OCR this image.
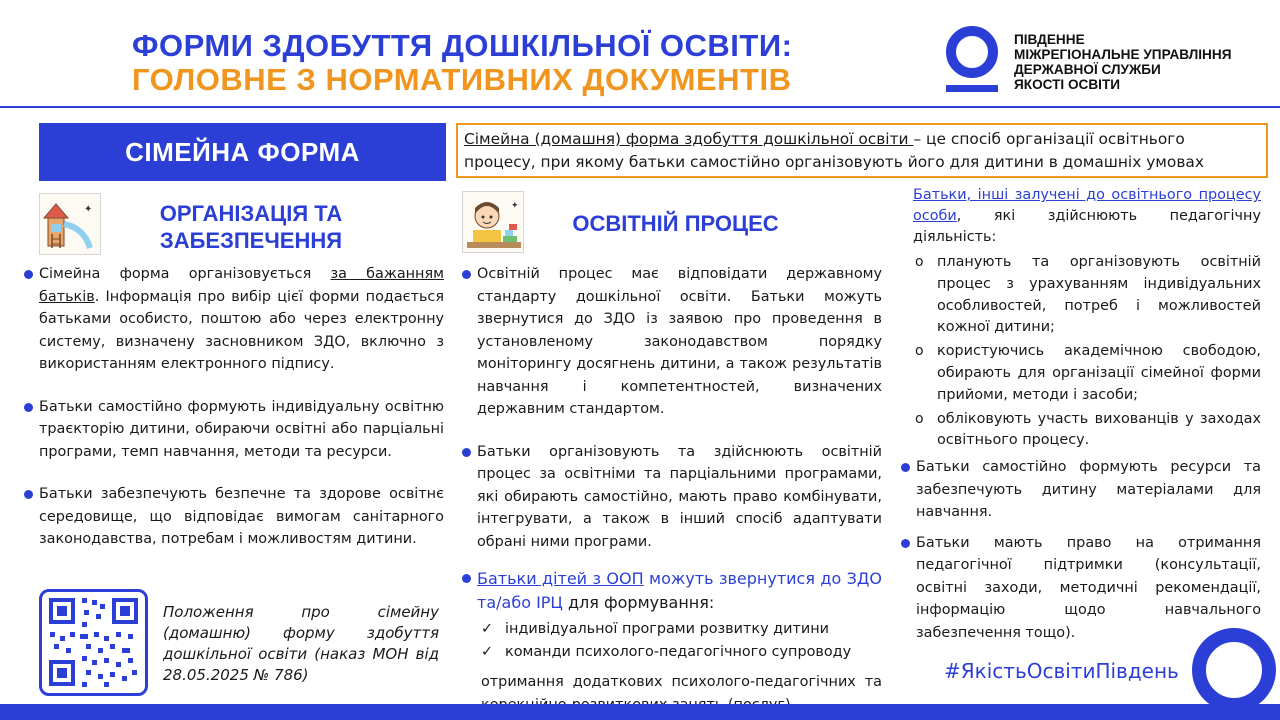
ФОРМИ ЗДОБУТТЯ ДОШКІЛЬНОЇ ОСВІТИ:
ГОЛОВНЕ З НОРМАТИВНИХ ДОКУМЕНТІВ
ПІВДЕННЕ
МІЖРЕГІОНАЛЬНЕ УПРАВЛІННЯ
ДЕРЖАВНОЇ СЛУЖБИ
ЯКОСТІ ОСВІТИ
СІМЕЙНА ФОРМА	Сімейна (домашня) форма здобуття дошкільної освіти – це спосіб організації освітнього процесу, при якому батьки самостійно організовують його для дитини в домашніх умовах
✦	ОРГАНІЗАЦІЯ ТА ЗАБЕЗПЕЧЕННЯ

Сімейна форма організовується за бажанням батьків. Інформація про вибір цієї форми подається батьками особисто, поштою або через електронну систему, визначену засновником ЗДО, включно з використанням електронного підпису.

Батьки самостійно формують індивідуальну освітню траєкторію дитини, обираючи освітні або парціальні програми, темп навчання, методи та ресурси.

Батьки забезпечують безпечне та здорове освітнє середовище, що відповідає вимогам санітарного законодавства, потребам і можливостям дитини.

Положення про сімейну (домашню) форму здобуття дошкільної освіти (наказ МОН від 28.05.2025 № 786)
✦
ОСВІТНІЙ ПРОЦЕС

Освітній процес має відповідати державному стандарту дошкільної освіти. Батьки можуть звернутися до ЗДО із заявою про проведення в установленому законодавством порядку моніторингу досягнень дитини, а також результатів навчання і компетентностей, визначених державним стандартом.

Батьки організовують та здійснюють освітній процес за освітніми та парціальними програмами, які обирають самостійно, мають право комбінувати, інтегрувати, а також в інший спосіб адаптувати обрані ними програми.

Батьки дітей з ООП можуть звернутися до ЗДО та/або ІРЦ для формування:

✓ індивідуальної програми розвитку дитини
✓ команди психолого-педагогічного супроводу

отримання додаткових психолого-педагогічних та

Батьки, інші залучені до освітнього процесу особи, які здійснюють педагогічну діяльність:

o планують та організовують освітній процес з урахуванням індивідуальних особливостей, потреб і можливостей кожної дитини;
o користуючись академічною свободою, обирають для організації сімейної форми прийоми, методи і засоби;
o обліковують участь вихованців у заходах освітнього процесу.

Батьки самостійно формують ресурси та забезпечують дитину матеріалами для навчання.

Батьки мають право на отримання педагогічної підтримки (консультації, освітні заходи, методичні рекомендації, інформацію щодо навчального забезпечення тощо).

#ЯкістьОсвітиПівдень
